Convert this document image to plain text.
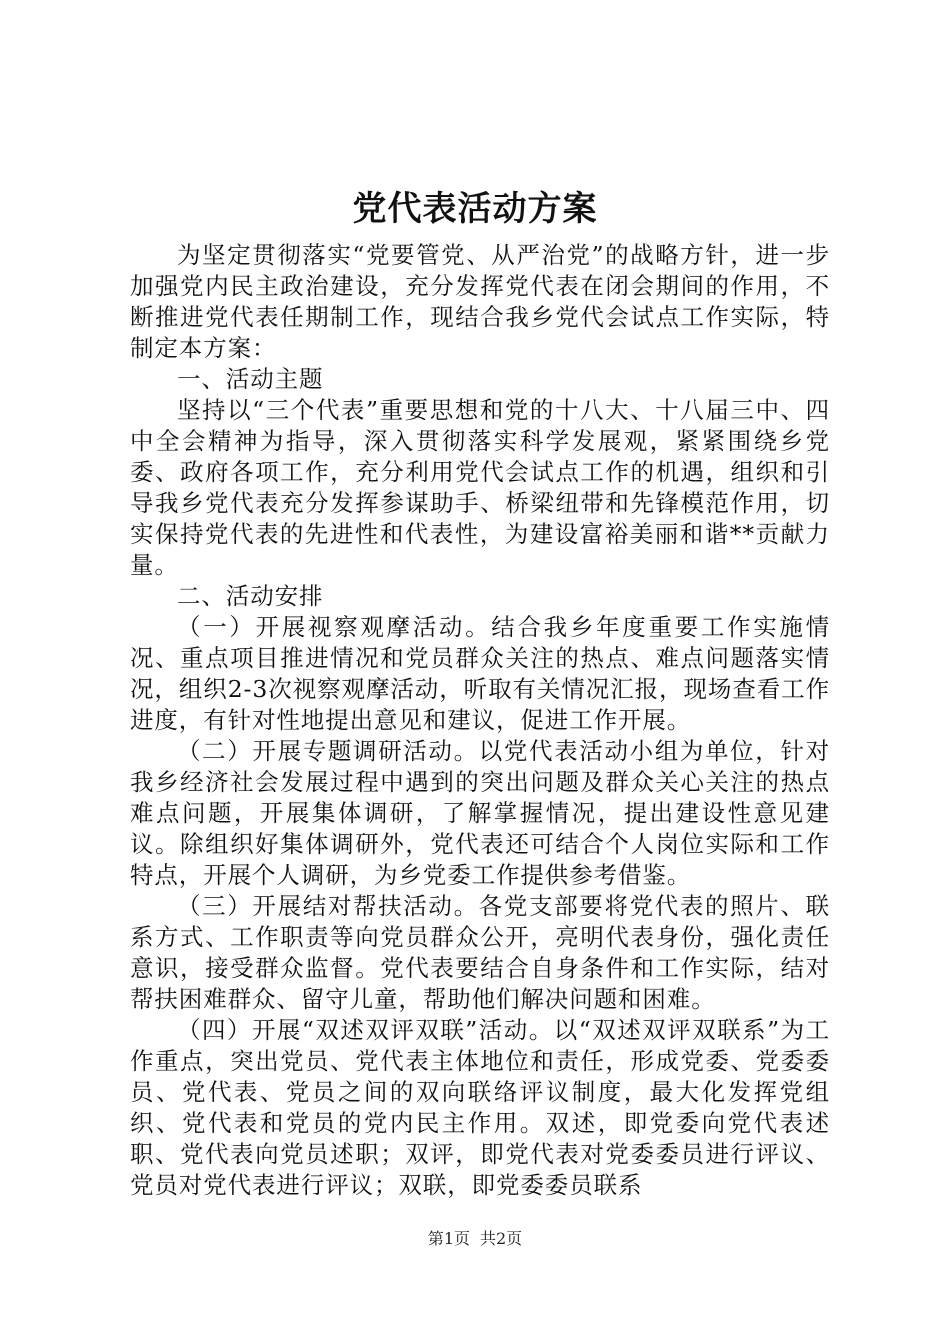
党代表活动方案

为坚定贯彻落实“党要管党、从严治党”的战略方针，进一步加强党内民主政治建设，充分发挥党代表在闭会期间的作用，不断推进党代表任期制工作，现结合我乡党代会试点工作实际，特制定本方案：

一、活动主题

坚持以“三个代表”重要思想和党的十八大、十八届三中、四中全会精神为指导，深入贯彻落实科学发展观，紧紧围绕乡党委、政府各项工作，充分利用党代会试点工作的机遇，组织和引导我乡党代表充分发挥参谋助手、桥梁纽带和先锋模范作用，切实保持党代表的先进性和代表性，为建设富裕美丽和谐**贡献力量。

二、活动安排

（一）开展视察观摩活动。结合我乡年度重要工作实施情况、重点项目推进情况和党员群众关注的热点、难点问题落实情况，组织2-3次视察观摩活动，听取有关情况汇报，现场查看工作进度，有针对性地提出意见和建议，促进工作开展。

（二）开展专题调研活动。以党代表活动小组为单位，针对我乡经济社会发展过程中遇到的突出问题及群众关心关注的热点难点问题，开展集体调研，了解掌握情况，提出建设性意见建议。除组织好集体调研外，党代表还可结合个人岗位实际和工作特点，开展个人调研，为乡党委工作提供参考借鉴。

（三）开展结对帮扶活动。各党支部要将党代表的照片、联系方式、工作职责等向党员群众公开，亮明代表身份，强化责任意识，接受群众监督。党代表要结合自身条件和工作实际，结对帮扶困难群众、留守儿童，帮助他们解决问题和困难。

（四）开展“双述双评双联”活动。以“双述双评双联系”为工作重点，突出党员、党代表主体地位和责任，形成党委、党委委员、党代表、党员之间的双向联络评议制度，最大化发挥党组织、党代表和党员的党内民主作用。双述，即党委向党代表述职、党代表向党员述职；双评，即党代表对党委委员进行评议、党员对党代表进行评议；双联，即党委委员联系

第1页 共2页
